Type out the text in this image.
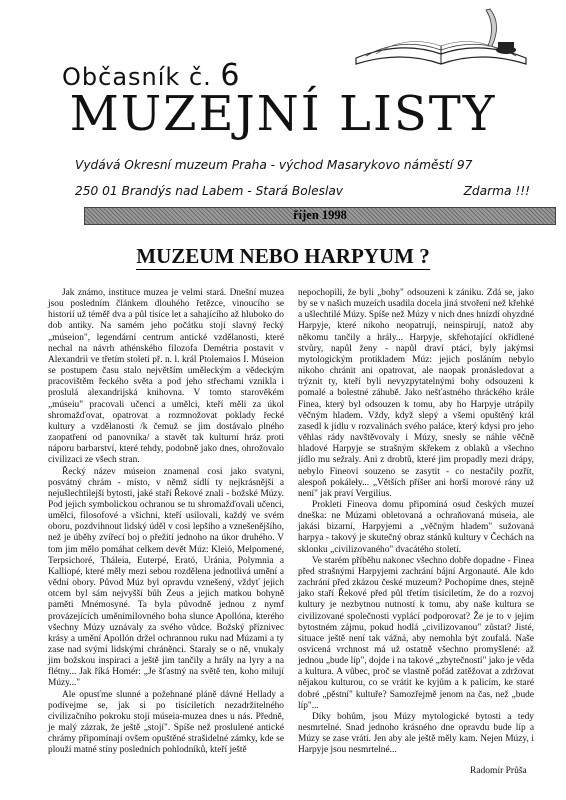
Občasník č. 6
MUZEJNÍ LISTY
Vydává Okresní muzeum Praha - východ Masarykovo náměstí 97
250 01 Brandýs nad Labem - Stará Boleslav	Zdarma !!!
říjen 1998
MUZEUM NEBO HARPYUM ?

Jak známo, instituce muzea je velmi stará. Dnešní muzea jsou posledním článkem dlouhého řetězce, vinoucího se historií už téměř dva a půl tisíce let a sahajícího až hluboko do dob antiky. Na samém jeho počátku stojí slavný řecký „múseion", legendární centrum antické vzdělanosti, které nechal na návrh athénského filozofa Demétria postavit v Alexandrii ve třetím století př. n. l. král Ptolemaios I. Múseion se postupem času stalo největším uměleckým a vědeckým pracovištěm řeckého světa a pod jeho střechami vznikla i proslulá alexandrijská knihovna. V tomto starověkém „múseiu" pracovali učenci a umělci, kteří měli za úkol shromažďovat, opatrovat a rozmnožovat poklady řecké kultury a vzdělanosti /k čemuž se jim dostávalo plného zaopatření od panovníka/ a stavět tak kulturní hráz proti náporu barbarství, které tehdy, podobně jako dnes, ohrožovalo civilizaci ze všech stran.

Řecký název múseion znamenal cosi jako svatyni, posvátný chrám - místo, v němž sídlí ty nejkrásnější a nejušlechtilejší bytosti, jaké staří Řekové znali - božské Múzy. Pod jejich symbolickou ochranou se tu shromažďovali učenci, umělci, filosofové a všichni, kteří usilovali, každý ve svém oboru, pozdvihnout lidský úděl v cosi lepšího a vznešenějšího, než je úběhy zvířecí boj o přežití jednoho na úkor druhého. V tom jim mělo pomáhat celkem devět Múz: Kleió, Melpomené, Terpsichoré, Tháleia, Euterpé, Erató, Uránia, Polymnia a Kalliopé, které měly mezi sebou rozdělena jednotlivá umění a vědní obory. Původ Múz byl opravdu vznešený, vždyť jejich otcem byl sám nejvyšší bůh Zeus a jejich matkou bohyně paměti Mnémosyné. Ta byla původně jednou z nymf provázejících uměnímilovného boha slunce Apollóna, kterého všechny Múzy uznávaly za svého vůdce. Božský příznivec krásy a umění Apollón držel ochrannou ruku nad Múzami a ty zase nad svými lidskými chráněnci. Staraly se o ně, vnukaly jim božskou inspiraci a ještě jim tančily a hrály na lyry a na flétny... Jak říká Homér: „Je šťastný na světě ten, koho milují Múzy..."

Ale opusťme slunné a požehnané pláně dávné Hellady a podívejme se, jak si po tisíciletích nezadržitelného civilizačního pokroku stojí múseia-muzea dnes u nás. Předně, je malý zázrak, že ještě „stojí". Spíše než proslulené antické chrámy připomínají ovšem opuštěné strašidelné zámky, kde se plouží matné stíny posledních pohlodníků, kteří ještě

nepochopili, že byli „bohy" odsouzeni k zániku. Zdá se, jako by se v našich muzeích usadila docela jiná stvoření než křehké a ušlechtilé Múzy. Spíše než Múzy v nich dnes hnízdí ohyzdné Harpyje, které nikoho neopatrují, neinspirují, natož aby někomu tančily a hrály... Harpyje, skřehotající okřídlené stvůry, napůl ženy - napůl draví ptáci, byly jakýmsi mytologickým protikladem Múz: jejich posláním nebylo nikoho chránit ani opatrovat, ale naopak pronásledovat a trýznit ty, kteří byli nevyzpytatelnými bohy odsouzeni k pomalé a bolestné záhubě. Jako nešťastného thráckého krále Finea, který byl odsouzen k tomu, aby ho Harpyje utrápily věčným hladem. Vždy, když slepý a všemi opuštěný král zasedl k jídlu v rozvalinách svého paláce, který kdysi pro jeho věhlas rády navštěvovaly i Múzy, snesly se náhle věčně hladové Harpyje se strašným skřekem z oblaků a všechno jídlo mu sežraly. Ani z drobtů, které jim propadly mezi drápy, nebylo Fineovi souzeno se zasytit - co nestačily pozřít, alespoň pokáleły... „Větších příšer ani horší morové rány už není" jak praví Vergilius.

Prokletí Fineova domu připomíná osud českých muzeí dneška: ne Múzami obletovaná a ochraňovaná múseia, ale jakási bizarní, Harpyjemi a „věčným hladem" sužovaná harpya - takový je skutečný obraz stánků kultury v Čechách na sklonku „civilizovaného" dvacátého století.

Ve starém příběhu nakonec všechno dobře dopadne - Finea před strašnými Harpyjemi zachrání bájní Argonauté. Ale kdo zachrání před zkázou české muzeum? Pochopíme dnes, stejně jako staří Řekové před půl třetím tisíciletím, že do a rozvoj kultury je nezbytnou nutností k tomu, aby naše kultura se civilizované společnosti vyplácí podporovat? Že je to v jejím bytostném zájmu, pokud hodlá „civilizovanou" zůstat? Jisté, situace ještě není tak vážná, aby nemohla být zoufalá. Naše osvícená vrchnost má už ostatně všechno promyšlené: až jednou „bude líp", dojde i na takové „zbytečnosti" jako je věda a kultura. A vůbec, proč se vlastně pořád zatěžovat a zdržovat nějakou kulturou, co se vrátit ke kyjům a k palicím, ke staré dobré „pěstní" kultuře? Samozřejmě jenom na čas, než „bude líp"...

Díky bohům, jsou Múzy mytologické bytosti a tedy nesmrtelné. Snad jednoho krásného dne opravdu bude líp a Múzy se zase vrátí. Jen aby ale ještě měly kam. Nejen Múzy, i Harpyje jsou nesmrtelné...

Radomír Průša
